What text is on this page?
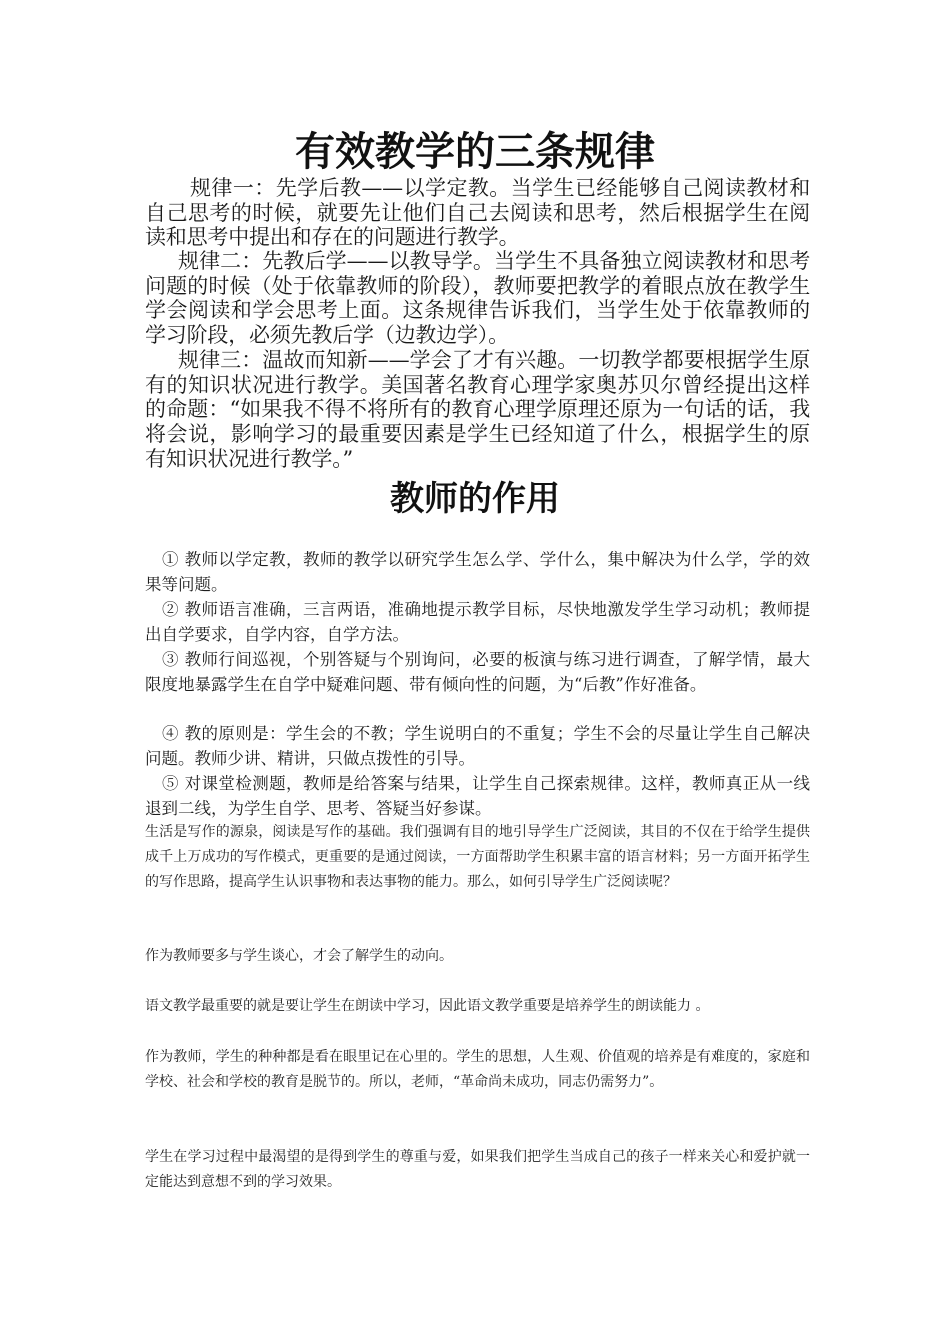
有效教学的三条规律

规律一：先学后教——以学定教。当学生已经能够自己阅读教材和自己思考的时候，就要先让他们自己去阅读和思考，然后根据学生在阅读和思考中提出和存在的问题进行教学。

规律二：先教后学——以教导学。当学生不具备独立阅读教材和思考问题的时候（处于依靠教师的阶段），教师要把教学的着眼点放在教学生学会阅读和学会思考上面。这条规律告诉我们，当学生处于依靠教师的学习阶段，必须先教后学（边教边学）。

规律三：温故而知新——学会了才有兴趣。一切教学都要根据学生原有的知识状况进行教学。美国著名教育心理学家奥苏贝尔曾经提出这样的命题：“如果我不得不将所有的教育心理学原理还原为一句话的话，我将会说，影响学习的最重要因素是学生已经知道了什么，根据学生的原有知识状况进行教学。”

教师的作用

① 教师以学定教，教师的教学以研究学生怎么学、学什么，集中解决为什么学，学的效果等问题。

② 教师语言准确，三言两语，准确地提示教学目标，尽快地激发学生学习动机；教师提出自学要求，自学内容，自学方法。

③ 教师行间巡视，个别答疑与个别询问，必要的板演与练习进行调查，了解学情，最大限度地暴露学生在自学中疑难问题、带有倾向性的问题，为“后教”作好准备。

④ 教的原则是：学生会的不教；学生说明白的不重复；学生不会的尽量让学生自己解决问题。教师少讲、精讲，只做点拨性的引导。

⑤ 对课堂检测题，教师是给答案与结果，让学生自己探索规律。这样，教师真正从一线退到二线，为学生自学、思考、答疑当好参谋。

生活是写作的源泉，阅读是写作的基础。我们强调有目的地引导学生广泛阅读，其目的不仅在于给学生提供成千上万成功的写作模式，更重要的是通过阅读，一方面帮助学生积累丰富的语言材料；另一方面开拓学生的写作思路，提高学生认识事物和表达事物的能力。那么，如何引导学生广泛阅读呢？

作为教师要多与学生谈心，才会了解学生的动向。

语文教学最重要的就是要让学生在朗读中学习，因此语文教学重要是培养学生的朗读能力 。

作为教师，学生的种种都是看在眼里记在心里的。学生的思想，人生观、价值观的培养是有难度的，家庭和学校、社会和学校的教育是脱节的。所以，老师，“革命尚未成功，同志仍需努力”。

学生在学习过程中最渴望的是得到学生的尊重与爱，如果我们把学生当成自己的孩子一样来关心和爱护就一定能达到意想不到的学习效果。
